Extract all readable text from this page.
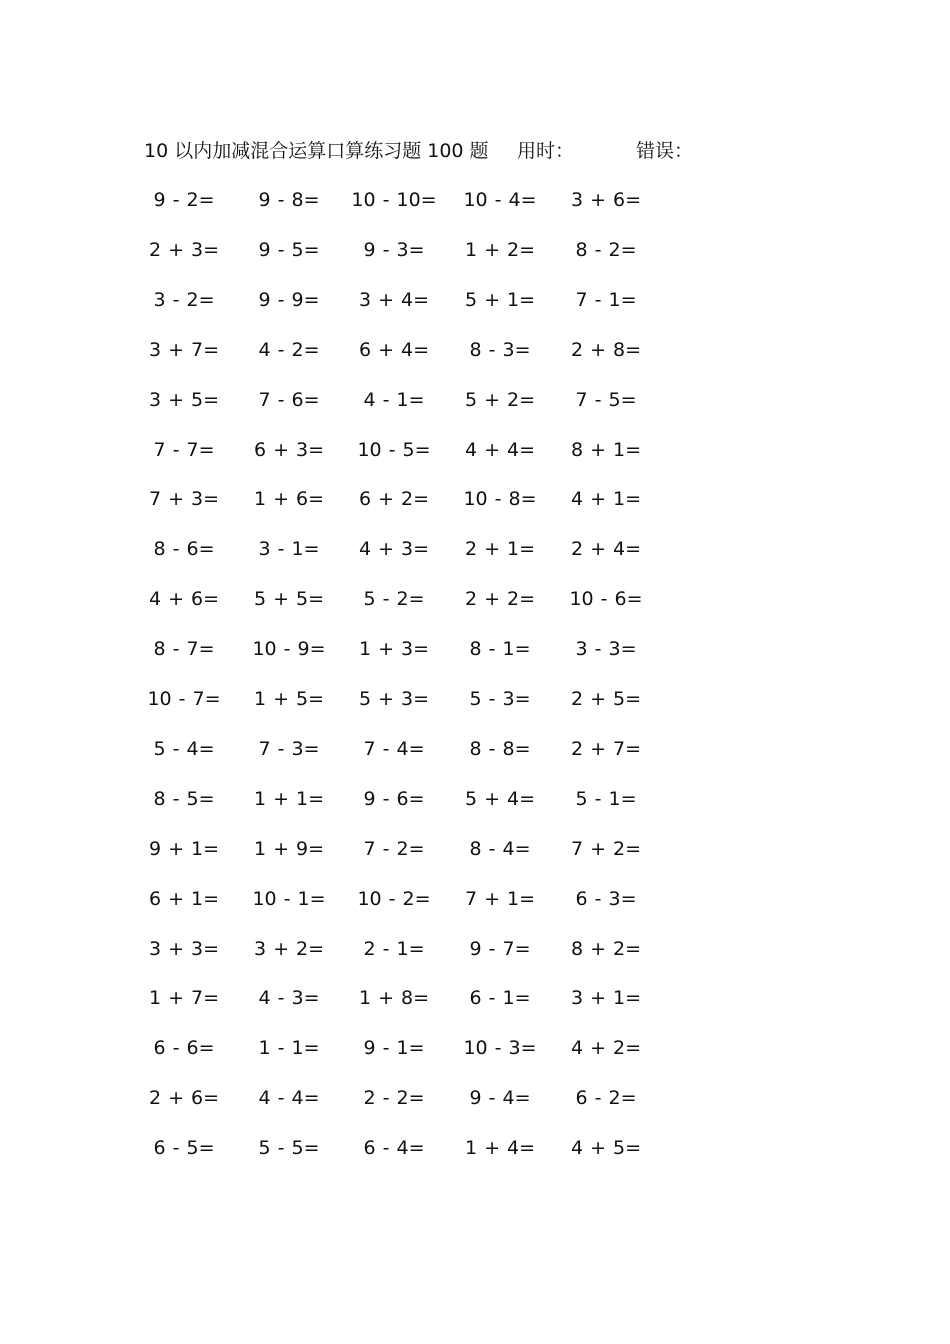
10 以内加减混合运算口算练习题 100 题 用时：	错误：
9 - 2= 9 - 8= 10 - 10= 10 - 4= 3 + 6=
2 + 3= 9 - 5= 9 - 3= 1 + 2= 8 - 2=
3 - 2= 9 - 9= 3 + 4= 5 + 1= 7 - 1=
3 + 7= 4 - 2= 6 + 4= 8 - 3= 2 + 8=
3 + 5= 7 - 6= 4 - 1= 5 + 2= 7 - 5=
7 - 7= 6 + 3= 10 - 5= 4 + 4= 8 + 1=
7 + 3= 1 + 6= 6 + 2= 10 - 8= 4 + 1=
8 - 6= 3 - 1= 4 + 3= 2 + 1= 2 + 4=
4 + 6= 5 + 5= 5 - 2= 2 + 2= 10 - 6=
8 - 7= 10 - 9= 1 + 3= 8 - 1= 3 - 3=
10 - 7= 1 + 5= 5 + 3= 5 - 3= 2 + 5=
5 - 4= 7 - 3= 7 - 4= 8 - 8= 2 + 7=
8 - 5= 1 + 1= 9 - 6= 5 + 4= 5 - 1=
9 + 1= 1 + 9= 7 - 2= 8 - 4= 7 + 2=
6 + 1= 10 - 1= 10 - 2= 7 + 1= 6 - 3=
3 + 3= 3 + 2= 2 - 1= 9 - 7= 8 + 2=
1 + 7= 4 - 3= 1 + 8= 6 - 1= 3 + 1=
6 - 6= 1 - 1= 9 - 1= 10 - 3= 4 + 2=
2 + 6= 4 - 4= 2 - 2= 9 - 4= 6 - 2=
6 - 5= 5 - 5= 6 - 4= 1 + 4= 4 + 5=
